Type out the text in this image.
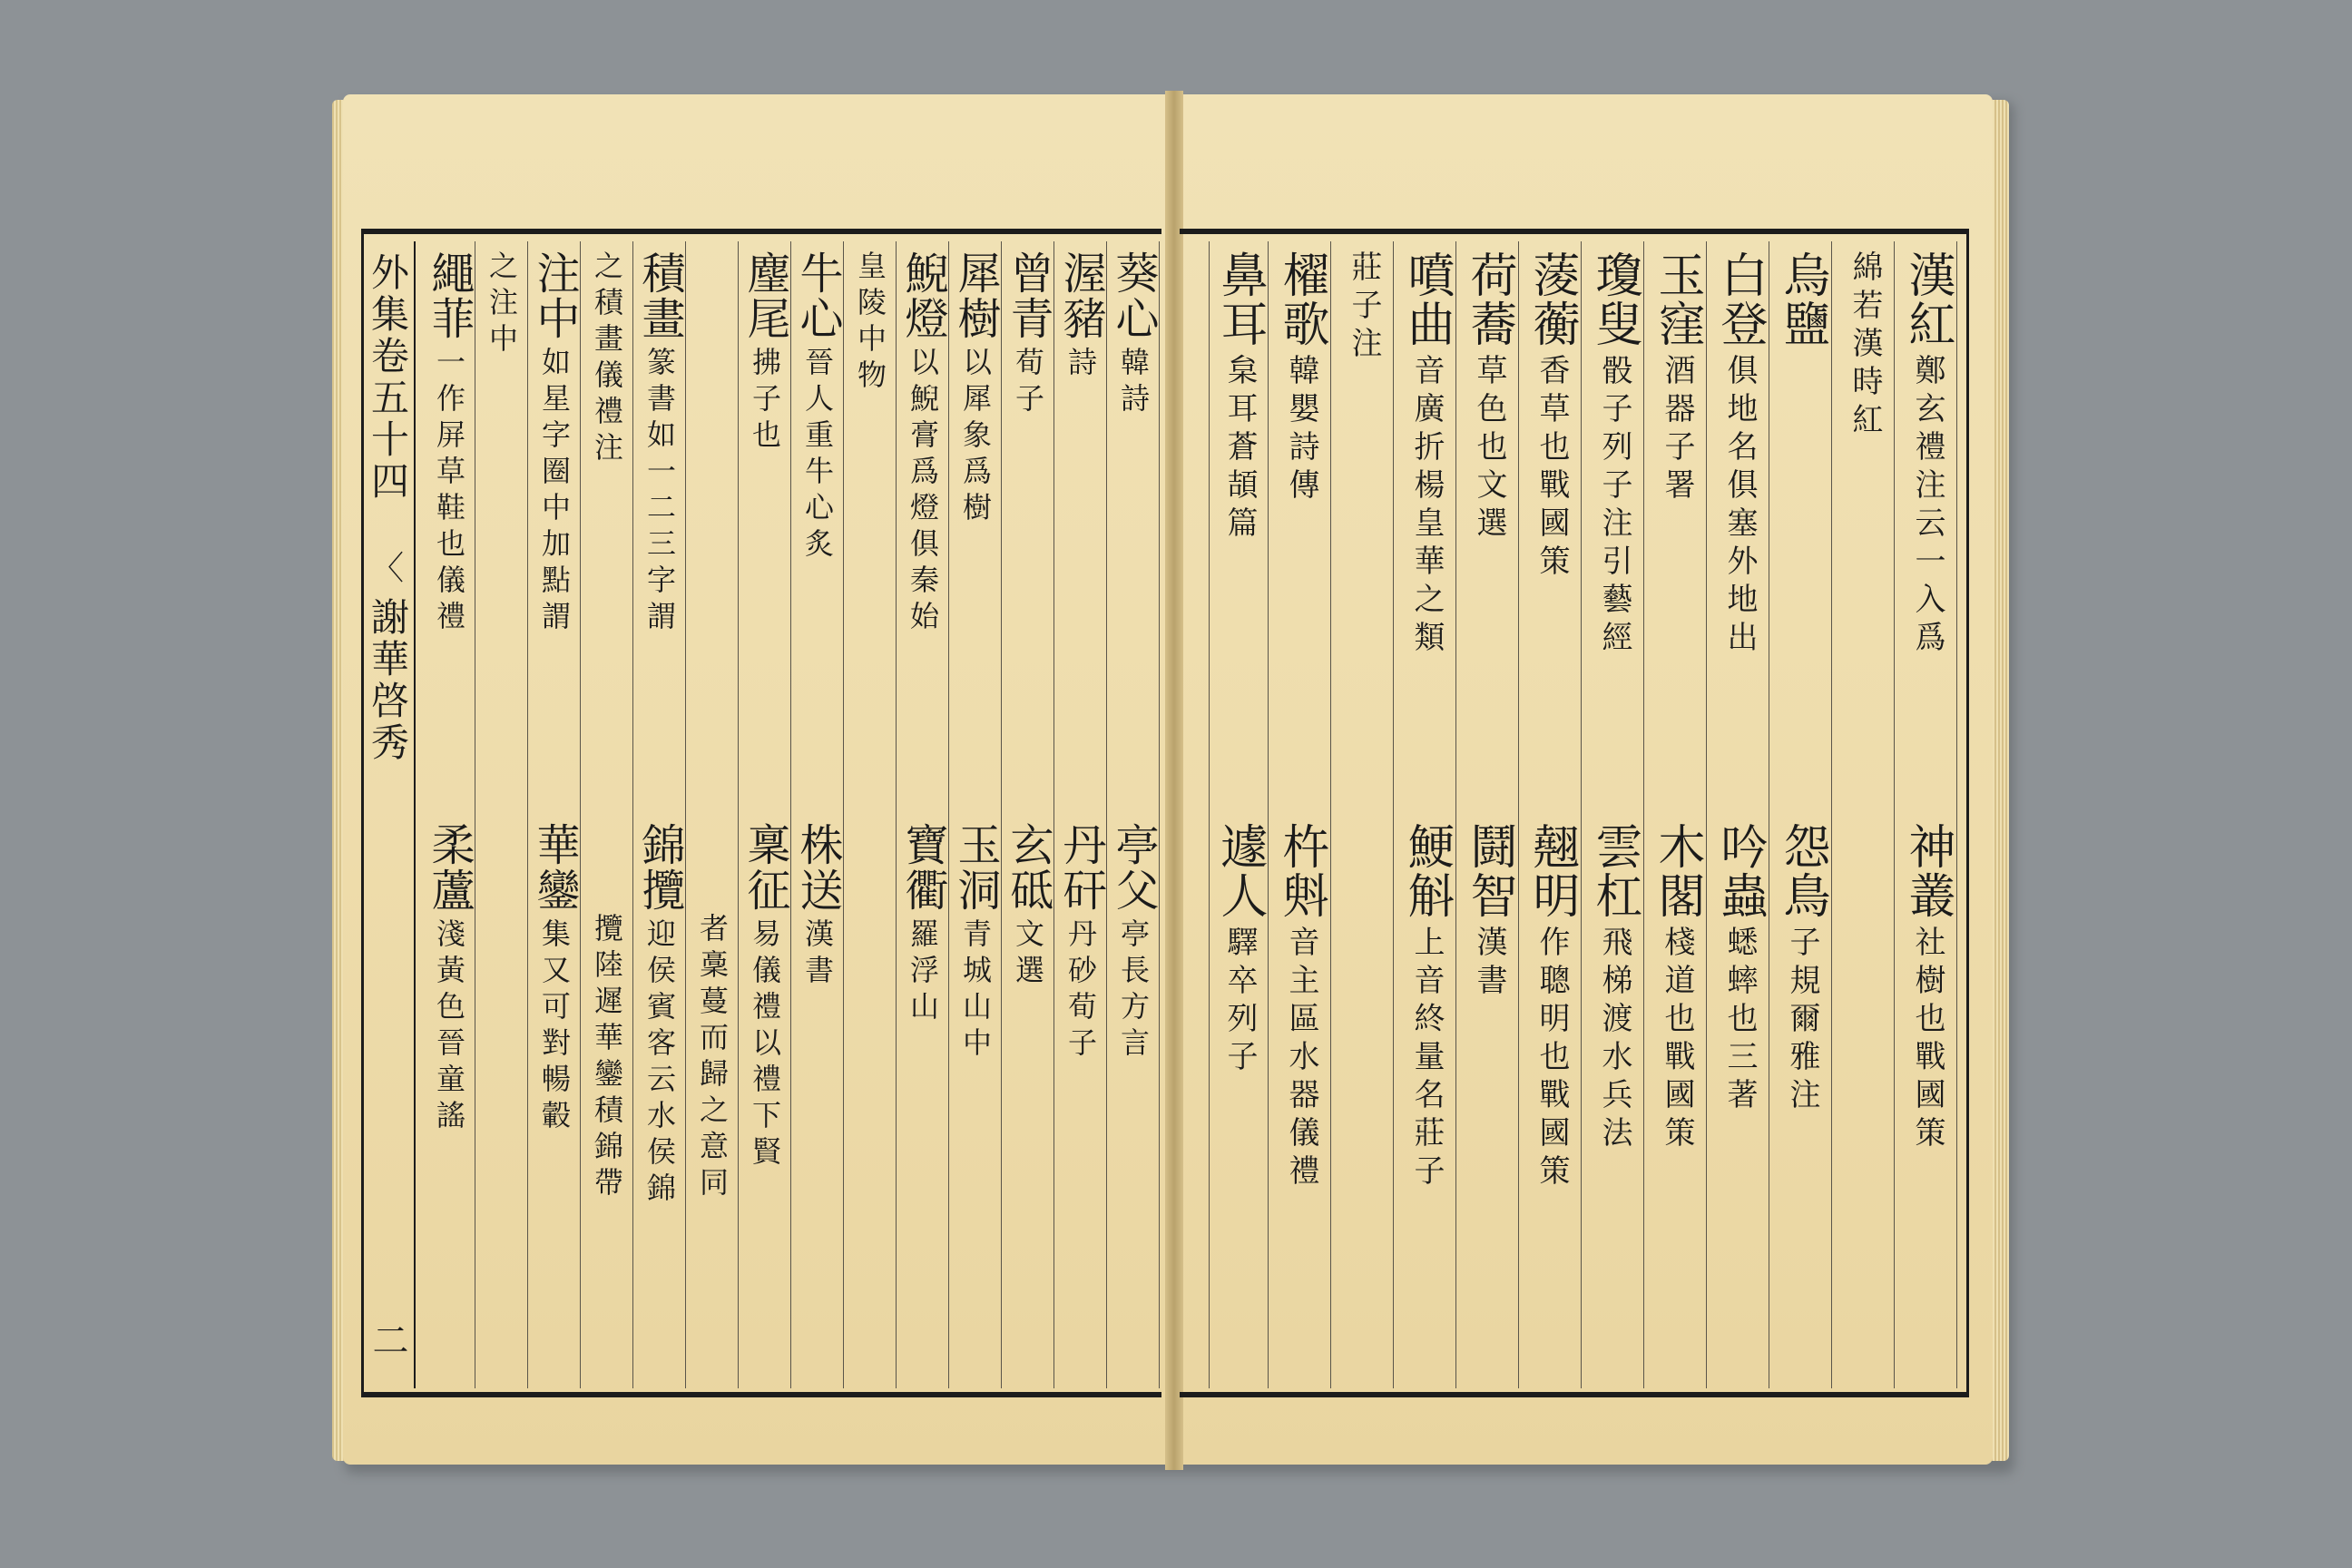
外集卷五十四
〈
謝華啓秀
二
鼻耳
枲耳蒼頡篇
遽人
驛卒列子
櫂歌
韓嬰詩傳
杵斞
音主區水器儀禮
莊子注 噴曲
音廣折楊皇華之類
鯁斛
上音終量名莊子
荷蕎
草色也文選
鬪智
漢書
蔆蘅
香草也戰國策
翹明
作聰明也戰國策
瓊叟
骰子列子注引藝經
雲杠
飛梯渡水兵法
玉窪
酒器子署
木閣
棧道也戰國策
白登
俱地名俱塞外地出
吟蟲
蟋蟀也三著
烏鹽
怨鳥
子規爾雅注
綿若漢時紅 漢紅
鄭玄禮注云一入爲
神叢
社樹也戰國策
葵心
韓詩
亭父
亭長方言
渥豬
詩
丹矸
丹砂荀子
曾青
荀子
玄砥
文選
犀樹
以犀象爲樹
玉洞
青城山中
鯢燈
以鯢膏爲燈俱秦始
寶衢
羅浮山
皇陵中物
牛心
晉人重牛心炙
株送
漢書
麈尾
拂子也
稟征
易儀禮以禮下賢
者稾蔓而歸之意同
積畫
篆書如一二三字謂
錦攬
迎侯賓客云水侯錦
之積畫儀禮注
攬陸遲華鑾積錦帶
注中
如星字圈中加點謂
華鑾
集又可對暢轂
之注中
繩菲
一作屏草鞋也儀禮
柔蘆
淺黃色晉童謠
